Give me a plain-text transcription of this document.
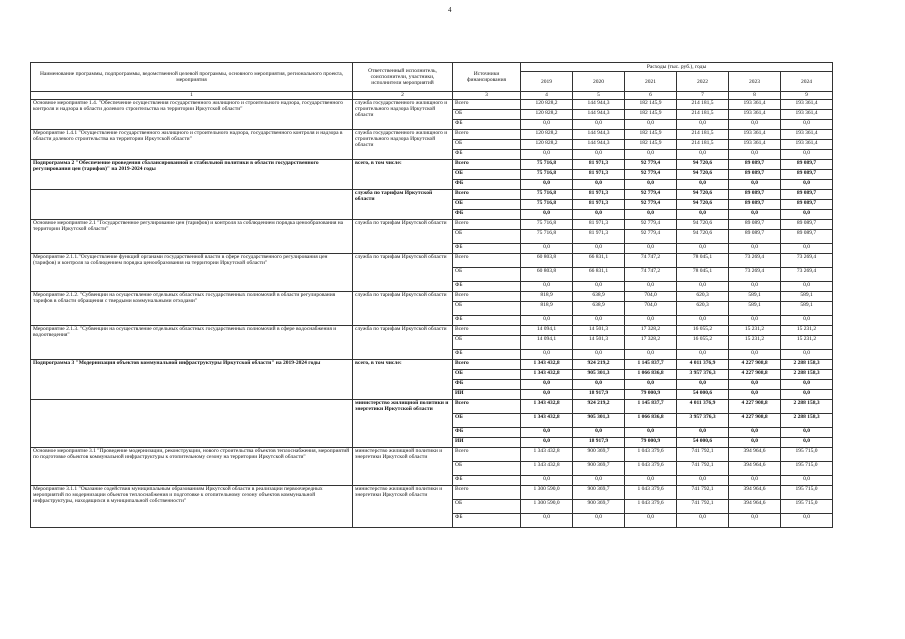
4
Наименование программы, подпрограммы, ведомственной целевой программы, основного мероприятия, регионального проекта, мероприятия	Ответственный исполнитель, соисполнители, участники, исполнители мероприятий	Источники финансирования	Расходы (тыс. руб.), годы					
			2019	2020	2021	2022	2023	2024
1	2	3	4	5	6	7	8	9
Основное мероприятие 1.4. "Обеспечение осуществления государственного жилищного и строительного надзора, государственного контроля и надзора в области долевого строительства на территории Иркутской области"	служба государственного жилищного и строительного надзора Иркутской области	Всего	120 828,2	144 944,3	182 145,9	214 181,5	193 361,4	193 361,4
		ОБ	120 828,2	144 944,3	182 145,9	214 181,5	193 361,4	193 361,4
		ФБ	0,0	0,0	0,0	0,0	0,0	0,0
Мероприятие 1.4.1 "Осуществление государственного жилищного и строительного надзора, государственного контроля и надзора в области долевого строительства на территории Иркутской области"	служба государственного жилищного и строительного надзора Иркутской области	Всего	120 828,2	144 944,3	182 145,9	214 181,5	193 361,4	193 361,4
		ОБ	120 828,2	144 944,3	182 145,9	214 181,5	193 361,4	193 361,4
		ФБ	0,0	0,0	0,0	0,0	0,0	0,0
Подпрограмма 2 "Обеспечение проведения сбалансированной и стабильной политики в области государственного регулирования цен (тарифов)" на 2019-2024 годы	всего, в том числе:	Всего	75 716,8	81 971,3	92 779,4	94 720,6	89 089,7	89 089,7
		ОБ	75 716,8	81 971,3	92 779,4	94 720,6	89 089,7	89 089,7
		ФБ	0,0	0,0	0,0	0,0	0,0	0,0
	служба по тарифам Иркутской области	Всего	75 716,8	81 971,3	92 779,4	94 720,6	89 089,7	89 089,7
		ОБ	75 716,8	81 971,3	92 779,4	94 720,6	89 089,7	89 089,7
		ФБ	0,0	0,0	0,0	0,0	0,0	0,0
Основное мероприятие 2.1 "Государственное регулирование цен (тарифов) и контроля за соблюдением порядка ценообразования на территории Иркутской области"	служба по тарифам Иркутской области	Всего	75 716,8	81 971,3	92 779,4	94 720,6	89 089,7	89 089,7
		ОБ	75 716,8	81 971,3	92 779,4	94 720,6	89 089,7	89 089,7
		ФБ	0,0	0,0	0,0	0,0	0,0	0,0
Мероприятие 2.1.1."Осуществление функций органами государственной власти в сфере государственного регулирования цен (тарифов) и контроля за соблюдением порядка ценообразования на территории Иркутской области"	служба по тарифам Иркутской области	Всего	60 803,8	66 831,1	74 747,2	78 045,1	73 269,4	73 269,4
		ОБ	60 803,8	66 831,1	74 747,2	78 045,1	73 269,4	73 269,4
		ФБ	0,0	0,0	0,0	0,0	0,0	0,0
Мероприятие 2.1.2. "Субвенции на осуществление отдельных областных государственных полномочий в области регулирования тарифов в области обращения с твердыми коммунальными отходами"	служба по тарифам Иркутской области	Всего	818,9	638,9	704,0	620,3	589,1	589,1
		ОБ	818,9	638,9	704,0	620,3	589,1	589,1
		ФБ	0,0	0,0	0,0	0,0	0,0	0,0
Мероприятие 2.1.3. "Субвенции на осуществление отдельных областных государственных полномочий в сфере водоснабжения и водоотведения"	служба по тарифам Иркутской области	Всего	14 094,1	14 501,3	17 328,2	16 055,2	15 231,2	15 231,2
		ОБ	14 094,1	14 501,3	17 328,2	16 055,2	15 231,2	15 231,2
		ФБ	0,0	0,0	0,0	0,0	0,0	0,0
Подпрограмма 3 "Модернизация объектов коммунальной инфраструктуры Иркутской области" на 2019-2024 годы	всего, в том числе:	Всего	1 343 432,8	924 219,2	1 145 837,7	4 011 376,9	4 227 908,8	2 288 158,3
		ОБ	1 343 432,8	905 301,3	1 066 836,8	3 957 376,3	4 227 908,8	2 288 158,3
		ФБ	0,0	0,0	0,0	0,0	0,0	0,0
		ИИ	0,0	18 917,9	79 000,9	54 000,6	0,0	0,0
	министерство жилищной политики и энергетики Иркутской области	Всего	1 343 432,8	924 219,2	1 145 837,7	4 011 376,9	4 227 908,8	2 288 158,3
		ОБ	1 343 432,8	905 301,3	1 066 836,8	3 957 376,3	4 227 908,8	2 288 158,3
		ФБ	0,0	0,0	0,0	0,0	0,0	0,0
		ИИ	0,0	18 917,9	79 000,9	54 000,6	0,0	0,0
Основное мероприятие 3.1 "Проведение модернизации, реконструкции, нового строительства объектов теплоснабжения, мероприятий по подготовке объектов коммунальной инфраструктуры к отопительному сезону на территории Иркутской области"	министерство жилищной политики и энергетики Иркутской области	Всего	1 343 432,8	900 369,7	1 043 379,6	741 792,1	394 964,6	195 715,0
		ОБ	1 343 432,8	900 369,7	1 043 379,6	741 792,1	394 964,6	195 715,0
		ФБ	0,0	0,0	0,0	0,0	0,0	0,0
Мероприятие 3.1.1 "Оказание содействия муниципальным образованиям Иркутской области в реализации первоочередных мероприятий по модернизации объектов теплоснабжения и подготовке к отопительному сезону объектов коммунальной инфраструктуры, находящихся в муниципальной собственности"	министерство жилищной политики и энергетики Иркутской области	Всего	1 300 590,0	900 369,7	1 043 379,6	741 792,1	394 964,6	195 715,0
		ОБ	1 300 590,0	900 369,7	1 043 379,6	741 792,1	394 964,6	195 715,0
		ФБ	0,0	0,0	0,0	0,0	0,0	0,0
